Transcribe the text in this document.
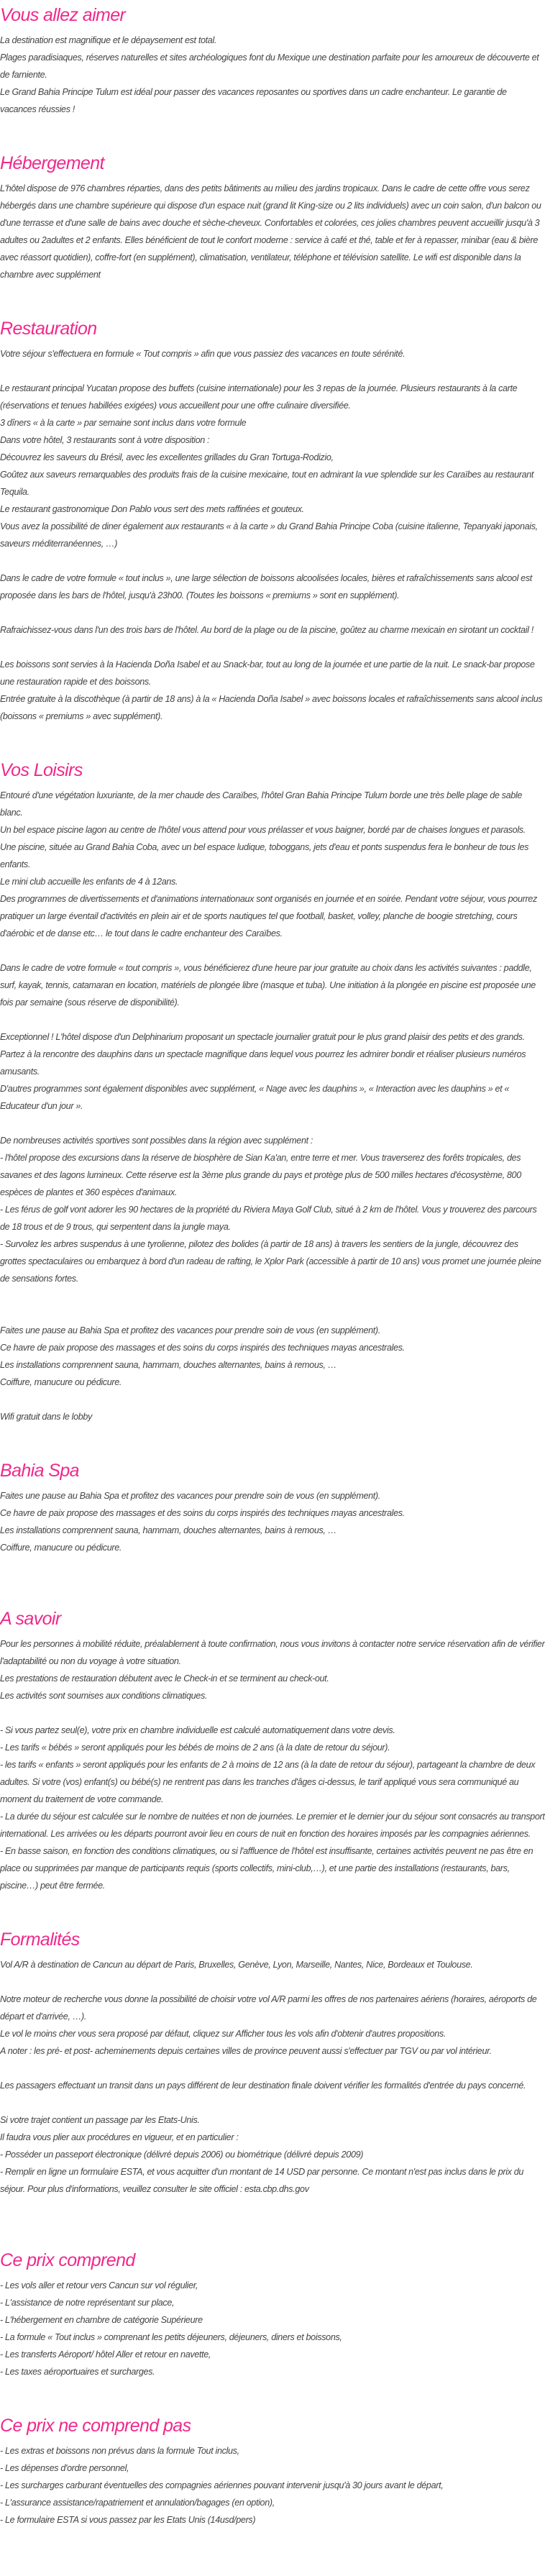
Vous allez aimer

La destination est magnifique et le dépaysement est total.

Plages paradisiaques, réserves naturelles et sites archéologiques font du Mexique une destination parfaite pour les amoureux de découverte et de farniente.

Le Grand Bahia Principe Tulum est idéal pour passer des vacances reposantes ou sportives dans un cadre enchanteur. Le garantie de vacances réussies !

Hébergement

L'hôtel dispose de 976 chambres réparties, dans des petits bâtiments au milieu des jardins tropicaux. Dans le cadre de cette offre vous serez hébergés dans une chambre supérieure qui dispose d'un espace nuit (grand lit King-size ou 2 lits individuels) avec un coin salon, d'un balcon ou d'une terrasse et d'une salle de bains avec douche et sèche-cheveux. Confortables et colorées, ces jolies chambres peuvent accueillir jusqu'à 3 adultes ou 2adultes et 2 enfants. Elles bénéficient de tout le confort moderne : service à café et thé, table et fer à repasser, minibar (eau & bière avec réassort quotidien), coffre-fort (en supplément), climatisation, ventilateur, téléphone et télévision satellite. Le wifi est disponible dans la chambre avec supplément

Restauration

Votre séjour s'effectuera en formule « Tout compris » afin que vous passiez des vacances en toute sérénité.

Le restaurant principal Yucatan propose des buffets (cuisine internationale) pour les 3 repas de la journée. Plusieurs restaurants à la carte (réservations et tenues habillées exigées) vous accueillent pour une offre culinaire diversifiée.

3 dîners « à la carte » par semaine sont inclus dans votre formule

Dans votre hôtel, 3 restaurants sont à votre disposition :

Découvrez les saveurs du Brésil, avec les excellentes grillades du Gran Tortuga-Rodizio,

Goûtez aux saveurs remarquables des produits frais de la cuisine mexicaine, tout en admirant la vue splendide sur les Caraïbes au restaurant Tequila.

Le restaurant gastronomique Don Pablo vous sert des mets raffinées et gouteux.

Vous avez la possibilité de diner également aux restaurants « à la carte » du Grand Bahia Principe Coba (cuisine italienne, Tepanyaki japonais, saveurs méditerranéennes, …)

Dans le cadre de votre formule « tout inclus », une large sélection de boissons alcoolisées locales, bières et rafraîchissements sans alcool est proposée dans les bars de l'hôtel, jusqu'à 23h00. (Toutes les boissons « premiums » sont en supplément).

Rafraichissez-vous dans l'un des trois bars de l'hôtel. Au bord de la plage ou de la piscine, goûtez au charme mexicain en sirotant un cocktail !

Les boissons sont servies à la Hacienda Doña Isabel et au Snack-bar, tout au long de la journée et une partie de la nuit. Le snack-bar propose une restauration rapide et des boissons.

Entrée gratuite à la discothèque (à partir de 18 ans) à la « Hacienda Doña Isabel » avec boissons locales et rafraîchissements sans alcool inclus (boissons « premiums » avec supplément).

Vos Loisirs

Entouré d'une végétation luxuriante, de la mer chaude des Caraïbes, l'hôtel Gran Bahia Principe Tulum borde une très belle plage de sable blanc.

Un bel espace piscine lagon au centre de l'hôtel vous attend pour vous prélasser et vous baigner, bordé par de chaises longues et parasols.

Une piscine, située au Grand Bahia Coba, avec un bel espace ludique, toboggans, jets d'eau et ponts suspendus fera le bonheur de tous les enfants.

Le mini club accueille les enfants de 4 à 12ans.

Des programmes de divertissements et d'animations internationaux sont organisés en journée et en soirée. Pendant votre séjour, vous pourrez pratiquer un large éventail d'activités en plein air et de sports nautiques tel que football, basket, volley, planche de boogie stretching, cours d'aérobic et de danse etc… le tout dans le cadre enchanteur des Caraïbes.

Dans le cadre de votre formule « tout compris », vous bénéficierez d'une heure par jour gratuite au choix dans les activités suivantes : paddle, surf, kayak, tennis, catamaran en location, matériels de plongée libre (masque et tuba). Une initiation à la plongée en piscine est proposée une fois par semaine (sous réserve de disponibilité).

Exceptionnel ! L'hôtel dispose d'un Delphinarium proposant un spectacle journalier gratuit pour le plus grand plaisir des petits et des grands. Partez à la rencontre des dauphins dans un spectacle magnifique dans lequel vous pourrez les admirer bondir et réaliser plusieurs numéros amusants.

D'autres programmes sont également disponibles avec supplément, « Nage avec les dauphins », « Interaction avec les dauphins » et « Educateur d'un jour ».

De nombreuses activités sportives sont possibles dans la région avec supplément :

- l'hôtel propose des excursions dans la réserve de biosphère de Sian Ka'an, entre terre et mer. Vous traverserez des forêts tropicales, des savanes et des lagons lumineux. Cette réserve est la 3ème plus grande du pays et protège plus de 500 milles hectares d'écosystème, 800 espèces de plantes et 360 espèces d'animaux.

- Les férus de golf vont adorer les 90 hectares de la propriété du Riviera Maya Golf Club, situé à 2 km de l'hôtel. Vous y trouverez des parcours de 18 trous et de 9 trous, qui serpentent dans la jungle maya.

- Survolez les arbres suspendus à une tyrolienne, pilotez des bolides (à partir de 18 ans) à travers les sentiers de la jungle, découvrez des grottes spectaculaires ou embarquez à bord d'un radeau de rafting, le Xplor Park (accessible à partir de 10 ans) vous promet une journée pleine de sensations fortes.

Faites une pause au Bahia Spa et profitez des vacances pour prendre soin de vous (en supplément).

Ce havre de paix propose des massages et des soins du corps inspirés des techniques mayas ancestrales.

Les installations comprennent sauna, hammam, douches alternantes, bains à remous, …

Coiffure, manucure ou pédicure.

Wifi gratuit dans le lobby

Bahia Spa

Faites une pause au Bahia Spa et profitez des vacances pour prendre soin de vous (en supplément).

Ce havre de paix propose des massages et des soins du corps inspirés des techniques mayas ancestrales.

Les installations comprennent sauna, hammam, douches alternantes, bains à remous, …

Coiffure, manucure ou pédicure.

A savoir

Pour les personnes à mobilité réduite, préalablement à toute confirmation, nous vous invitons à contacter notre service réservation afin de vérifier l'adaptabilité ou non du voyage à votre situation.

Les prestations de restauration débutent avec le Check-in et se terminent au check-out.

Les activités sont soumises aux conditions climatiques.

- Si vous partez seul(e), votre prix en chambre individuelle est calculé automatiquement dans votre devis.

- Les tarifs « bébés » seront appliqués pour les bébés de moins de 2 ans (à la date de retour du séjour).

- les tarifs « enfants » seront appliqués pour les enfants de 2 à moins de 12 ans (à la date de retour du séjour), partageant la chambre de deux adultes. Si votre (vos) enfant(s) ou bébé(s) ne rentrent pas dans les tranches d'âges ci-dessus, le tarif appliqué vous sera communiqué au moment du traitement de votre commande.

- La durée du séjour est calculée sur le nombre de nuitées et non de journées. Le premier et le dernier jour du séjour sont consacrés au transport international. Les arrivées ou les départs pourront avoir lieu en cours de nuit en fonction des horaires imposés par les compagnies aériennes.

- En basse saison, en fonction des conditions climatiques, ou si l'affluence de l'hôtel est insuffisante, certaines activités peuvent ne pas être en place ou supprimées par manque de participants requis (sports collectifs, mini-club,…), et une partie des installations (restaurants, bars, piscine…) peut être fermée.

Formalités

Vol A/R à destination de Cancun au départ de Paris, Bruxelles, Genève, Lyon, Marseille, Nantes, Nice, Bordeaux et Toulouse.

Notre moteur de recherche vous donne la possibilité de choisir votre vol A/R parmi les offres de nos partenaires aériens (horaires, aéroports de départ et d'arrivée, …).

Le vol le moins cher vous sera proposé par défaut, cliquez sur Afficher tous les vols afin d'obtenir d'autres propositions.

A noter : les pré- et post- acheminements depuis certaines villes de province peuvent aussi s'effectuer par TGV ou par vol intérieur.

Les passagers effectuant un transit dans un pays différent de leur destination finale doivent vérifier les formalités d'entrée du pays concerné.

Si votre trajet contient un passage par les Etats-Unis.

Il faudra vous plier aux procédures en vigueur, et en particulier :

- Posséder un passeport électronique (délivré depuis 2006) ou biométrique (délivré depuis 2009)

- Remplir en ligne un formulaire ESTA, et vous acquitter d'un montant de 14 USD par personne. Ce montant n'est pas inclus dans le prix du séjour. Pour plus d'informations, veuillez consulter le site officiel : esta.cbp.dhs.gov

Ce prix comprend

- Les vols aller et retour vers Cancun sur vol régulier,

- L'assistance de notre représentant sur place,

- L'hébergement en chambre de catégorie Supérieure

- La formule « Tout inclus » comprenant les petits déjeuners, déjeuners, diners et boissons,

- Les transferts Aéroport/ hôtel Aller et retour en navette,

- Les taxes aéroportuaires et surcharges.

Ce prix ne comprend pas

- Les extras et boissons non prévus dans la formule Tout inclus,

- Les dépenses d'ordre personnel,

- Les surcharges carburant éventuelles des compagnies aériennes pouvant intervenir jusqu'à 30 jours avant le départ,

- L'assurance assistance/rapatriement et annulation/bagages (en option),

- Le formulaire ESTA si vous passez par les Etats Unis (14usd/pers)
